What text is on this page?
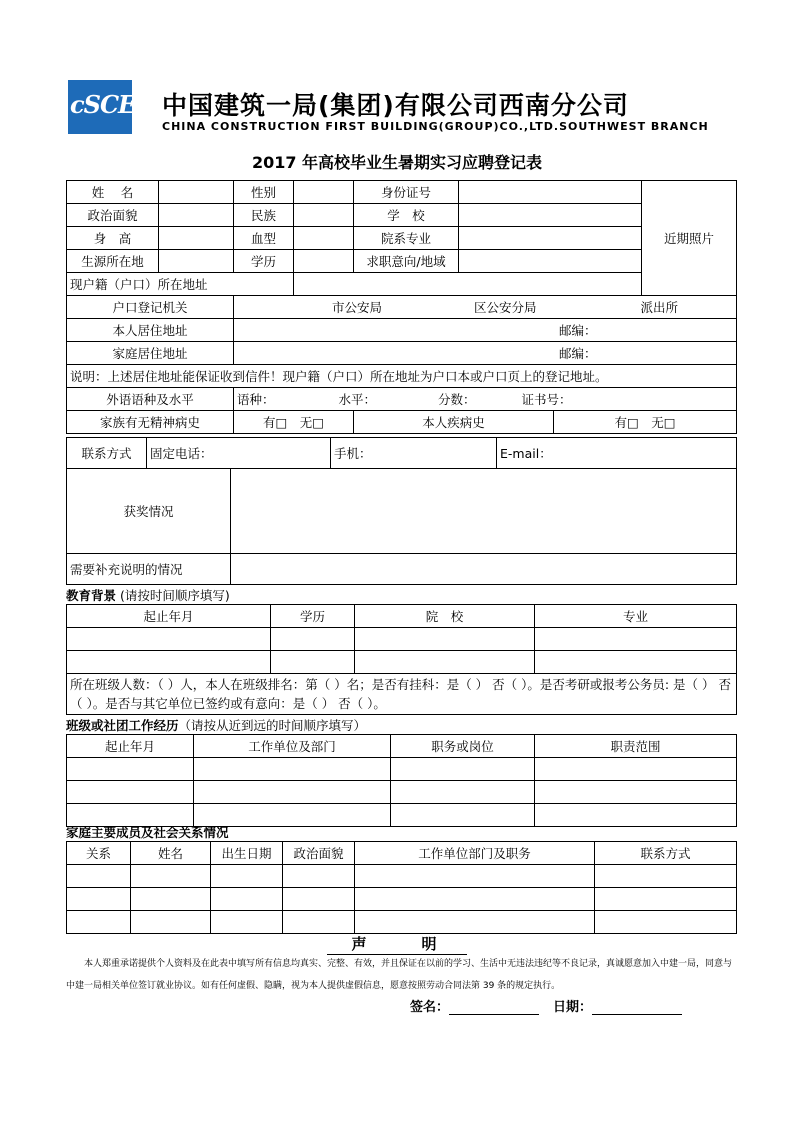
cSCEc 中国建筑一局(集团)有限公司西南分公司
CHINA CONSTRUCTION FIRST BUILDING(GROUP)CO.,LTD.SOUTHWEST BRANCH
2017 年高校毕业生暑期实习应聘登记表
姓　 名		性别		身份证号			近期照片
政治面貌		民族		学　校			
身　高		血型		院系专业			
生源所在地		学历		求职意向/地域			
现户籍（户口）所在地址							
户口登记机关		市公安局 区公安分局 派出所					
本人居住地址		邮编：					
家庭居住地址		邮编：					
说明：上述居住地址能保证收到信件！现户籍（户口）所在地址为户口本或户口页上的登记地址。							
外语语种及水平		语种： 水平： 分数： 证书号：					
家族有无精神病史		有□　无□		本人疾病史		有□　无□	
联系方式	固定电话：		手机：	E-mail：
获奖情况				
需要补充说明的情况				
教育背景 (请按时间顺序填写)
起止年月	学历	院　校	专业

所在班级人数：（ ）人，本人在班级排名：第（ ）名；是否有挂科：是（ ） 否（ ）。是否考研或报考公务员: 是（ ） 否（ ）。是否与其它单位已签约或有意向：是（ ） 否（ ）。			
班级或社团工作经历（请按从近到远的时间顺序填写）
起止年月	工作单位及部门	职务或岗位	职责范围

家庭主要成员及社会关系情况
关系	姓名	出生日期	政治面貌	工作单位部门及职务	联系方式

声	明
本人郑重承诺提供个人资料及在此表中填写所有信息均真实、完整、有效，并且保证在以前的学习、生活中无违法违纪等不良记录，真诚愿意加入中建一局，同意与中建一局相关单位签订就业协议。如有任何虚假、隐瞒，视为本人提供虚假信息，愿意按照劳动合同法第 39 条的规定执行。
签名：	日期：
